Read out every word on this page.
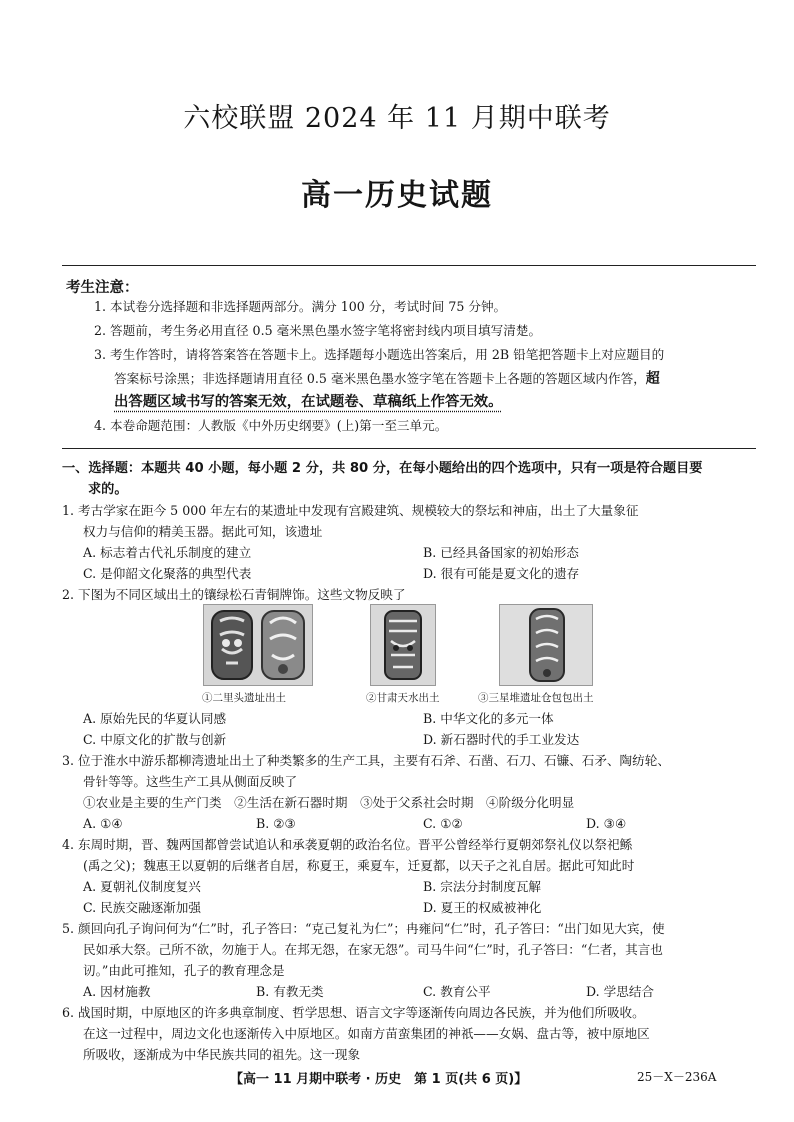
六校联盟 2024 年 11 月期中联考
高一历史试题
考生注意：
1. 本试卷分选择题和非选择题两部分。满分 100 分，考试时间 75 分钟。
2. 答题前，考生务必用直径 0.5 毫米黑色墨水签字笔将密封线内项目填写清楚。
3. 考生作答时，请将答案答在答题卡上。选择题每小题选出答案后，用 2B 铅笔把答题卡上对应题目的
答案标号涂黑；非选择题请用直径 0.5 毫米黑色墨水签字笔在答题卡上各题的答题区域内作答，超
出答题区域书写的答案无效，在试题卷、草稿纸上作答无效。
4. 本卷命题范围：人教版《中外历史纲要》(上)第一至三单元。
一、选择题：本题共 40 小题，每小题 2 分，共 80 分，在每小题给出的四个选项中，只有一项是符合题目要
求的。
1. 考古学家在距今 5 000 年左右的某遗址中发现有宫殿建筑、规模较大的祭坛和神庙，出土了大量象征
权力与信仰的精美玉器。据此可知，该遗址
A. 标志着古代礼乐制度的建立	B. 已经具备国家的初始形态
C. 是仰韶文化聚落的典型代表	D. 很有可能是夏文化的遗存
2. 下图为不同区域出土的镶绿松石青铜牌饰。这些文物反映了
①二里头遗址出土	②甘肃天水出土	③三星堆遗址仓包包出土
A. 原始先民的华夏认同感	B. 中华文化的多元一体
C. 中原文化的扩散与创新	D. 新石器时代的手工业发达
3. 位于淮水中游乐都柳湾遗址出土了种类繁多的生产工具，主要有石斧、石凿、石刀、石镰、石矛、陶纺轮、
骨针等等。这些生产工具从侧面反映了
①农业是主要的生产门类　②生活在新石器时期　③处于父系社会时期　④阶级分化明显
A. ①④	B. ②③	C. ①②	D. ③④
4. 东周时期，晋、魏两国都曾尝试追认和承袭夏朝的政治名位。晋平公曾经举行夏朝郊祭礼仪以祭祀鲧
(禹之父)；魏惠王以夏朝的后继者自居，称夏王，乘夏车，迁夏都，以天子之礼自居。据此可知此时
A. 夏朝礼仪制度复兴	B. 宗法分封制度瓦解
C. 民族交融逐渐加强	D. 夏王的权威被神化
5. 颜回向孔子询问何为“仁”时，孔子答曰：“克己复礼为仁”；冉雍问“仁”时，孔子答曰：“出门如见大宾，使
民如承大祭。己所不欲，勿施于人。在邦无怨，在家无怨”。司马牛问“仁”时，孔子答曰：“仁者，其言也
讱。”由此可推知，孔子的教育理念是
A. 因材施教	B. 有教无类	C. 教育公平	D. 学思结合
6. 战国时期，中原地区的许多典章制度、哲学思想、语言文字等逐渐传向周边各民族，并为他们所吸收。
在这一过程中，周边文化也逐渐传入中原地区。如南方苗蛮集团的神祇——女娲、盘古等，被中原地区
所吸收，逐渐成为中华民族共同的祖先。这一现象
【高一 11 月期中联考 · 历史　第 1 页(共 6 页)】	25－X－236A
